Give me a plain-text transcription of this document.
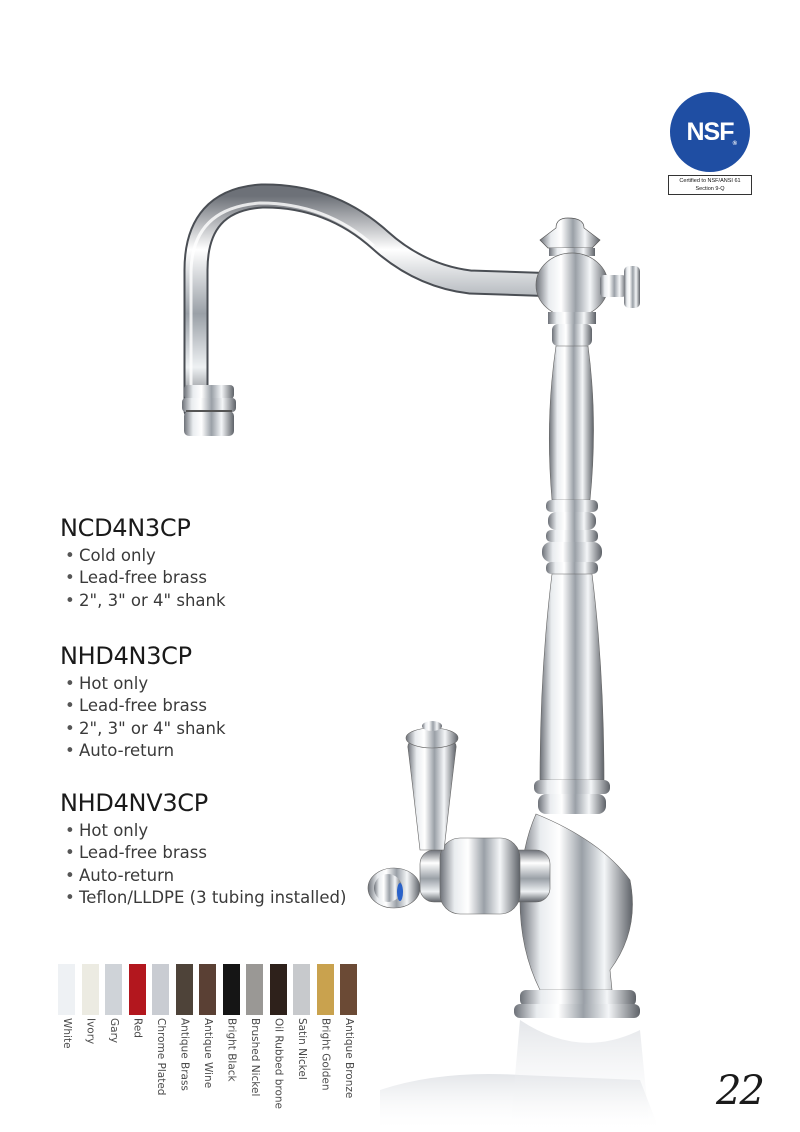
NSF ®
Certified to NSF/ANSI 61
Section 9-Q
NCD4N3CP
• Cold only
• Lead-free brass
• 2", 3" or 4" shank
NHD4N3CP
• Hot only
• Lead-free brass
• 2", 3" or 4" shank
• Auto-return
NHD4NV3CP
• Hot only
• Lead-free brass
• Auto-return
• Teflon/LLDPE (3 tubing installed)
White Ivory Gary Red Chrome Plated Antique Brass Antique Wine Bright Black Brushed Nickel Oil Rubbed brone Satin Nickel Bright Golden Antique Bronze	22
